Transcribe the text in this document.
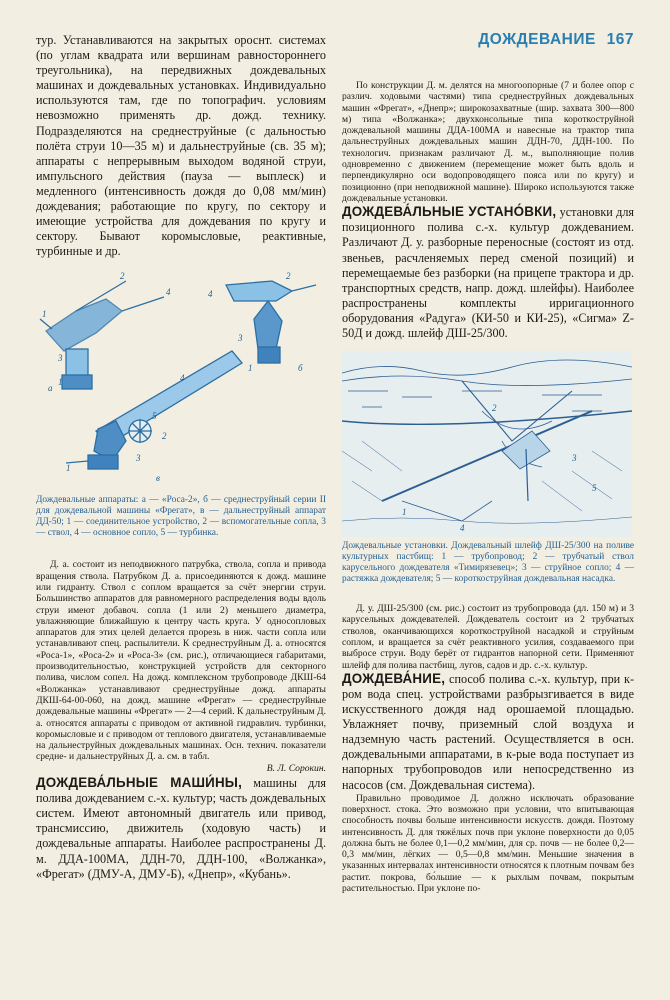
ДОЖДЕВАНИЕ 167

тур. Устанавливаются на закрытых ороснт. системах (по углам квадрата или вершинам равностороннего треугольника), на передвижных дождевальных машинах и дождевальных установках. Индивидуально используются там, где по топографич. условиям невозможно применять др. дожд. технику. Подразделяются на среднеструйные (с дальностью полёта струи 10—35 м) и дальнеструйные (св. 35 м); аппараты с непрерывным выходом водяной струи, импульсного действия (пауза — выплеск) и медленного (интенсивность дождя до 0,08 мм/мин) дождевания; работающие по кругу, по сектору и имеющие устройства для дождевания по кругу и сектору. Бывают коромысловые, реактивные, турбинные и др.

а
б
в
1
2
4
3
1
2
4
3
1
4
5
1
2
3

Дождевальные аппараты: а — «Роса-2», б — среднеструйный серии II для дождевальной машины «Фрегат», в — дальнеструйный аппарат ДД-50; 1 — соединительное устройство, 2 — вспомогательные сопла, 3 — ствол, 4 — основное сопло, 5 — турбинка.

Д. а. состоит из неподвижного патрубка, ствола, сопла и привода вращения ствола. Патрубком Д. а. присоединяются к дожд. машине или гидранту. Ствол с соплом вращается за счёт энергии струи. Большинство аппаратов для равномерного распределения воды вдоль струи имеют добавоч. сопла (1 или 2) меньшего диаметра, увлажняющие ближайшую к центру часть круга. У односопловых аппаратов для этих целей делается прорезь в ниж. части сопла или устанавливают спец. распылители. К среднеструйным Д. а. относятся «Роса-1», «Роса-2» и «Роса-3» (см. рис.), отличающиеся габаритами, производительностью, конструкцией устройств для секторного полива, числом сопел. На дожд. комплексном трубопроводе ДКШ-64 «Волжанка» устанавливают среднеструйные дожд. аппараты ДКШ-64-00-060, на дожд. машине «Фрегат» — среднеструйные дождевальные машины «Фрегат» — 2—4 серий. К дальнеструйным Д. а. относятся аппараты с приводом от активной гидравлич. турбинки, коромысловые и с приводом от теплового двигателя, устанавливаемые на дальнеструйных дождевальных машинах. Осн. технич. показатели средне- и дальнеструйных Д. а. см. в табл.

В. Л. Сорокин.

ДОЖДЕВА́ЛЬНЫЕ МАШИ́НЫ, машины для полива дождеванием с.-х. культур; часть дождевальных систем. Имеют автономный двигатель или привод, трансмиссию, движитель (ходовую часть) и дождевальные аппараты. Наиболее распространены Д. м. ДДА-100МА, ДДН-70, ДДН-100, «Волжанка», «Фрегат» (ДМУ-А, ДМУ-Б), «Днепр», «Кубань».

По конструкции Д. м. делятся на многоопорные (7 и более опор с различ. ходовыми частями) типа среднеструйных дождевальных машин «Фрегат», «Днепр»; широкозахватные (шир. захвата 300—800 м) типа «Волжанка»; двухконсольные типа короткоструйной дождевальной машины ДДА-100МА и навесные на трактор типа дальнеструйных дождевальных машин ДДН-70, ДДН-100. По технологич. признакам различают Д. м., выполняющие полив одновременно с движением (перемещение может быть вдоль и перпендикулярно оси водопроводящего пояса или по кругу) и позиционно (при неподвижной машине). Широко используются также дождевальные установки.

ДОЖДЕВА́ЛЬНЫЕ УСТАНО́ВКИ, установки для позиционного полива с.-х. культур дождеванием. Различают Д. у. разборные переносные (состоят из отд. звеньев, расчленяемых перед сменой позиций) и перемещаемые без разборки (на прицепе трактора и др. транспортных средств, напр. дожд. шлейфы). Наиболее распространены комплекты ирригационного оборудования «Радуга» (КИ-50 и КИ-25), «Сигма» Z-50Д и дожд. шлейф ДШ-25/300.

2
3
5
1
4

Дождевальные установки. Дождевальный шлейф ДШ-25/300 на поливе культурных пастбищ: 1 — трубопровод; 2 — трубчатый ствол карусельного дождевателя «Тимирязевец»; 3 — струйное сопло; 4 — растяжка дождевателя; 5 — короткоструйная дождевальная насадка.

Д. у. ДШ-25/300 (см. рис.) состоит из трубопровода (дл. 150 м) и 3 карусельных дождевателей. Дождеватель состоит из 2 трубчатых стволов, оканчивающихся короткоструйной насадкой и струйным соплом, и вращается за счёт реактивного усилия, создаваемого при выбросе струи. Воду берёт от гидрантов напорной сети. Применяют шлейф для полива пастбищ, лугов, садов и др. с.-х. культур.

ДОЖДЕВА́НИЕ, способ полива с.-х. культур, при к-ром вода спец. устройствами разбрызгивается в виде искусственного дождя над орошаемой площадью. Увлажняет почву, приземный слой воздуха и надземную часть растений. Осуществляется в осн. дождевальными аппаратами, в к-рые вода поступает из напорных трубопроводов или непосредственно из насосов (см. Дождевальная система).

Правильно проводимое Д. должно исключать образование поверхност. стока. Это возможно при условии, что впитывающая способность почвы больше интенсивности искусств. дождя. Поэтому интенсивность Д. для тяжёлых почв при уклоне поверхности до 0,05 должна быть не более 0,1—0,2 мм/мин, для ср. почв — не более 0,2—0,3 мм/мин, лёгких — 0,5—0,8 мм/мин. Меньшие значения в указанных интервалах интенсивности относятся к плотным почвам без растит. покрова, бо́льшие — к рыхлым почвам, покрытым растительностью. При уклоне по-
